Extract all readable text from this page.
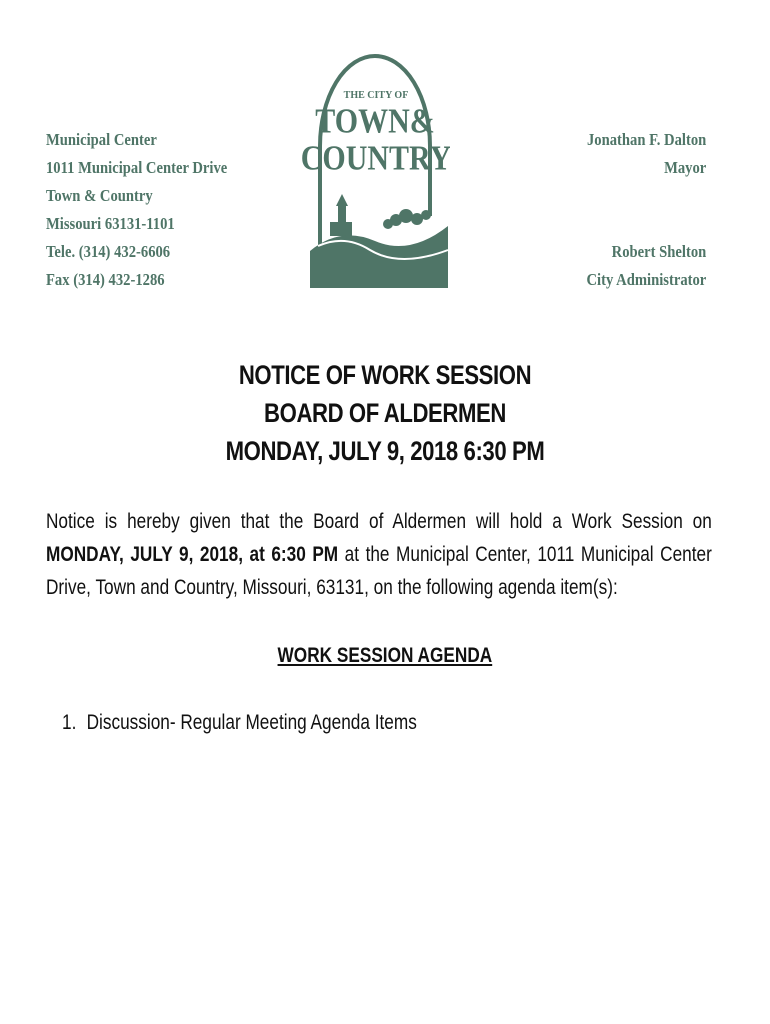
Municipal Center
1011 Municipal Center Drive
Town & Country
Missouri 63131-1101
Tele. (314) 432-6606
Fax (314) 432-1286
THE CITY OF
TOWN&
COUNTRY	Jonathan F. Dalton
Mayor
Robert Shelton
City Administrator
NOTICE OF WORK SESSION
BOARD OF ALDERMEN
MONDAY, JULY 9, 2018 6:30 PM
Notice is hereby given that the Board of Aldermen will hold a Work Session on MONDAY, JULY 9, 2018, at 6:30 PM at the Municipal Center, 1011 Municipal Center Drive, Town and Country, Missouri, 63131, on the following agenda item(s):
WORK SESSION AGENDA
1. Discussion- Regular Meeting Agenda Items
